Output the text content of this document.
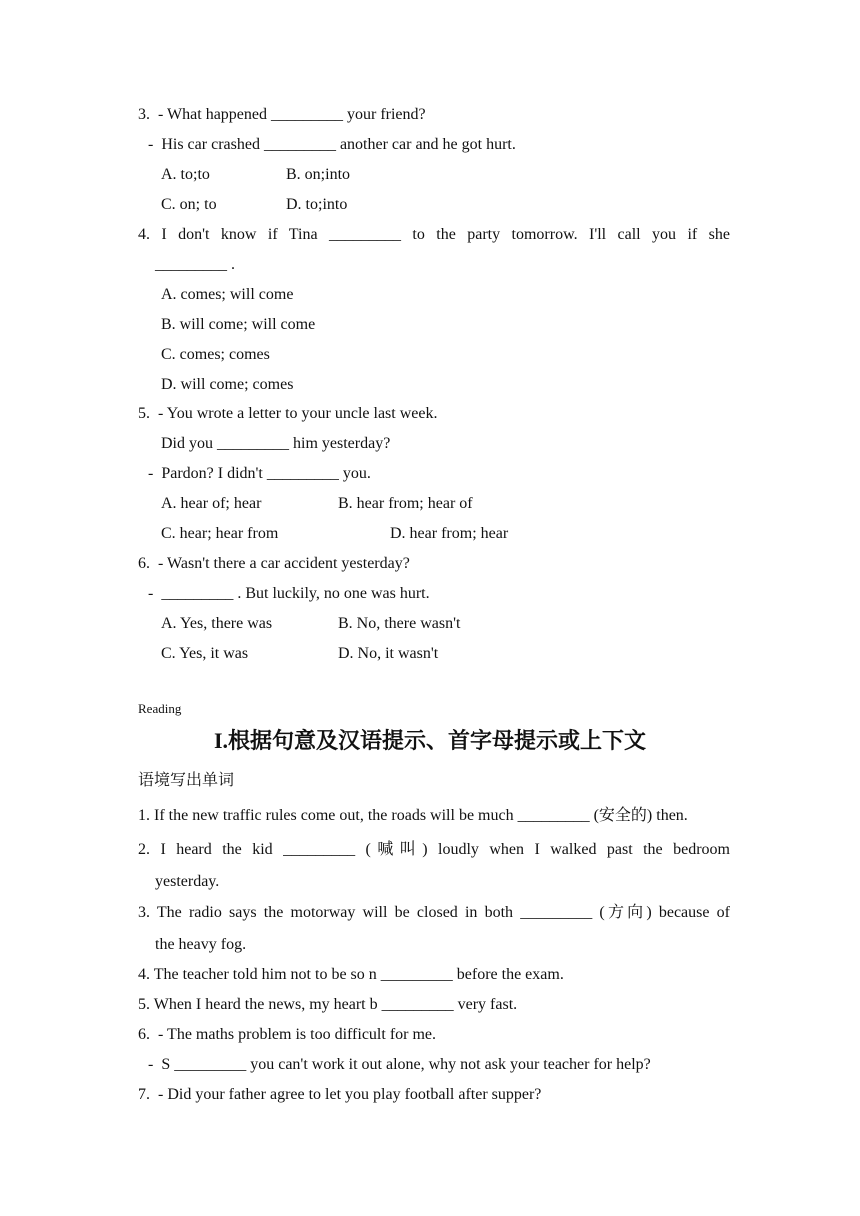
3.  - What happened _________ your friend?
-  His car crashed _________ another car and he got hurt.
A. to;to	B. on;into
C. on; to	D. to;into
4. I don't know if Tina _________ to the party tomorrow. I'll call you if she
_________ .
A. comes; will come
B. will come; will come
C. comes; comes
D. will come; comes
5.  - You wrote a letter to your uncle last week.
Did you _________ him yesterday?
-  Pardon? I didn't _________ you.
A. hear of; hear	B. hear from; hear of
C. hear; hear from	D. hear from; hear
6.  - Wasn't there a car accident yesterday?
-  _________ . But luckily, no one was hurt.
A. Yes, there was	B. No, there wasn't
C. Yes, it was	D. No, it wasn't
Reading
I.根据句意及汉语提示、首字母提示或上下文
语境写出单词
1. If the new traffic rules come out, the roads will be much _________ (安全的) then.
2. I heard the kid _________ (喊叫) loudly when I walked past the bedroom
yesterday.
3. The radio says the motorway will be closed in both _________ (方向) because of
the heavy fog.
4. The teacher told him not to be so n _________ before the exam.
5. When I heard the news, my heart b _________ very fast.
6.  - The maths problem is too difficult for me.
-  S _________ you can't work it out alone, why not ask your teacher for help?
7.  - Did your father agree to let you play football after supper?
